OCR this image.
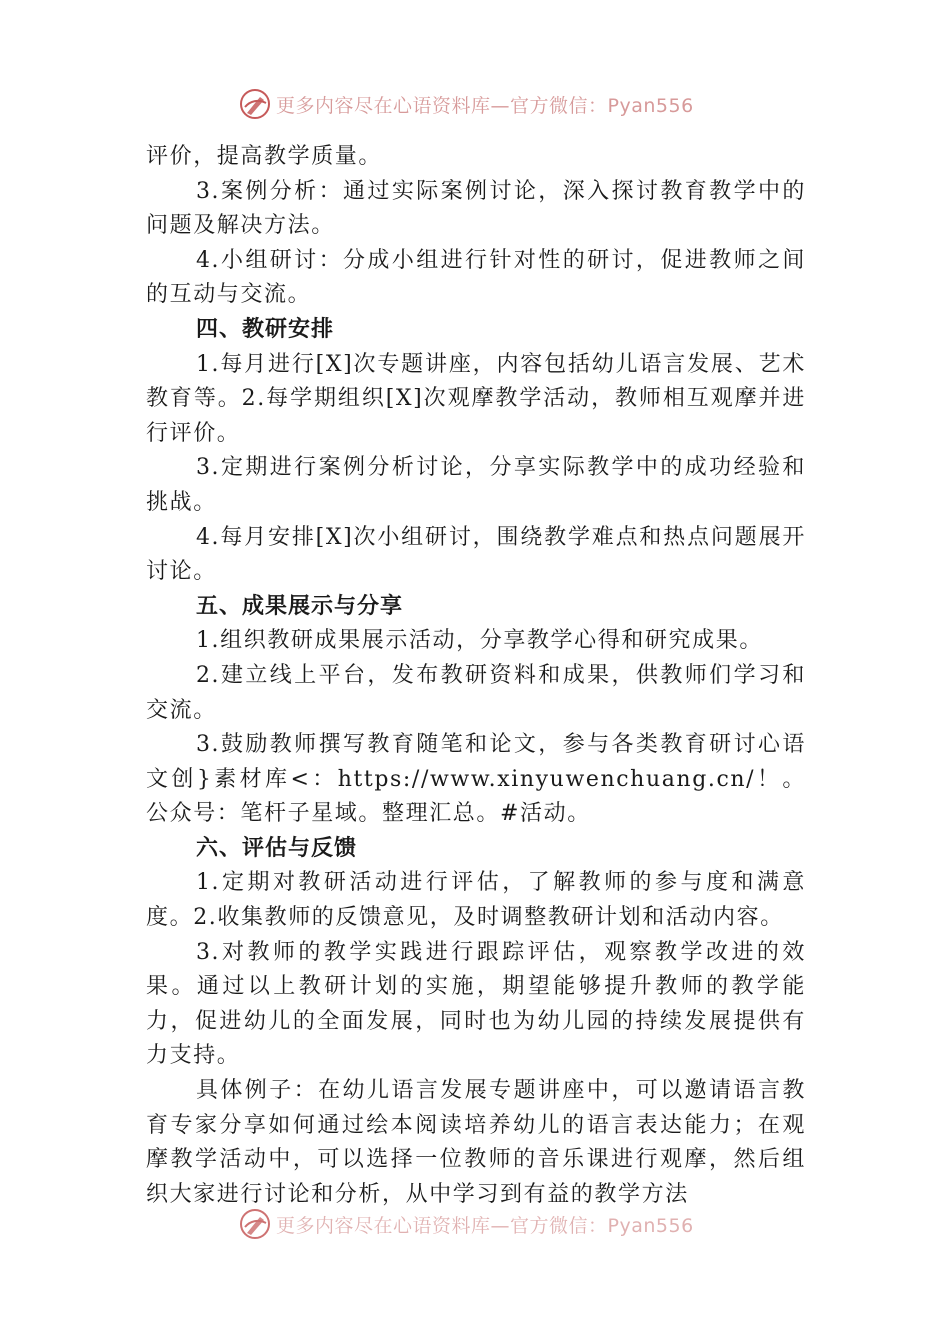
更多内容尽在心语资料库—官方微信：Pyan556

评价，提高教学质量。

3.案例分析：通过实际案例讨论，深入探讨教育教学中的问题及解决方法。

4.小组研讨：分成小组进行针对性的研讨，促进教师之间的互动与交流。

四、教研安排

1.每月进行[X]次专题讲座，内容包括幼儿语言发展、艺术教育等。2.每学期组织[X]次观摩教学活动，教师相互观摩并进行评价。

3.定期进行案例分析讨论，分享实际教学中的成功经验和挑战。

4.每月安排[X]次小组研讨，围绕教学难点和热点问题展开讨论。

五、成果展示与分享

1.组织教研成果展示活动，分享教学心得和研究成果。

2.建立线上平台，发布教研资料和成果，供教师们学习和交流。

3.鼓励教师撰写教育随笔和论文，参与各类教育研讨心语文创}素材库<：https://www.xinyuwenchuang.cn/！。公众号：笔杆子星域。整理汇总。#活动。

六、评估与反馈

1.定期对教研活动进行评估，了解教师的参与度和满意度。2.收集教师的反馈意见，及时调整教研计划和活动内容。

3.对教师的教学实践进行跟踪评估，观察教学改进的效果。通过以上教研计划的实施，期望能够提升教师的教学能力，促进幼儿的全面发展，同时也为幼儿园的持续发展提供有力支持。

具体例子：在幼儿语言发展专题讲座中，可以邀请语言教育专家分享如何通过绘本阅读培养幼儿的语言表达能力；在观摩教学活动中，可以选择一位教师的音乐课进行观摩，然后组织大家进行讨论和分析，从中学习到有益的教学方法

更多内容尽在心语资料库—官方微信：Pyan556
